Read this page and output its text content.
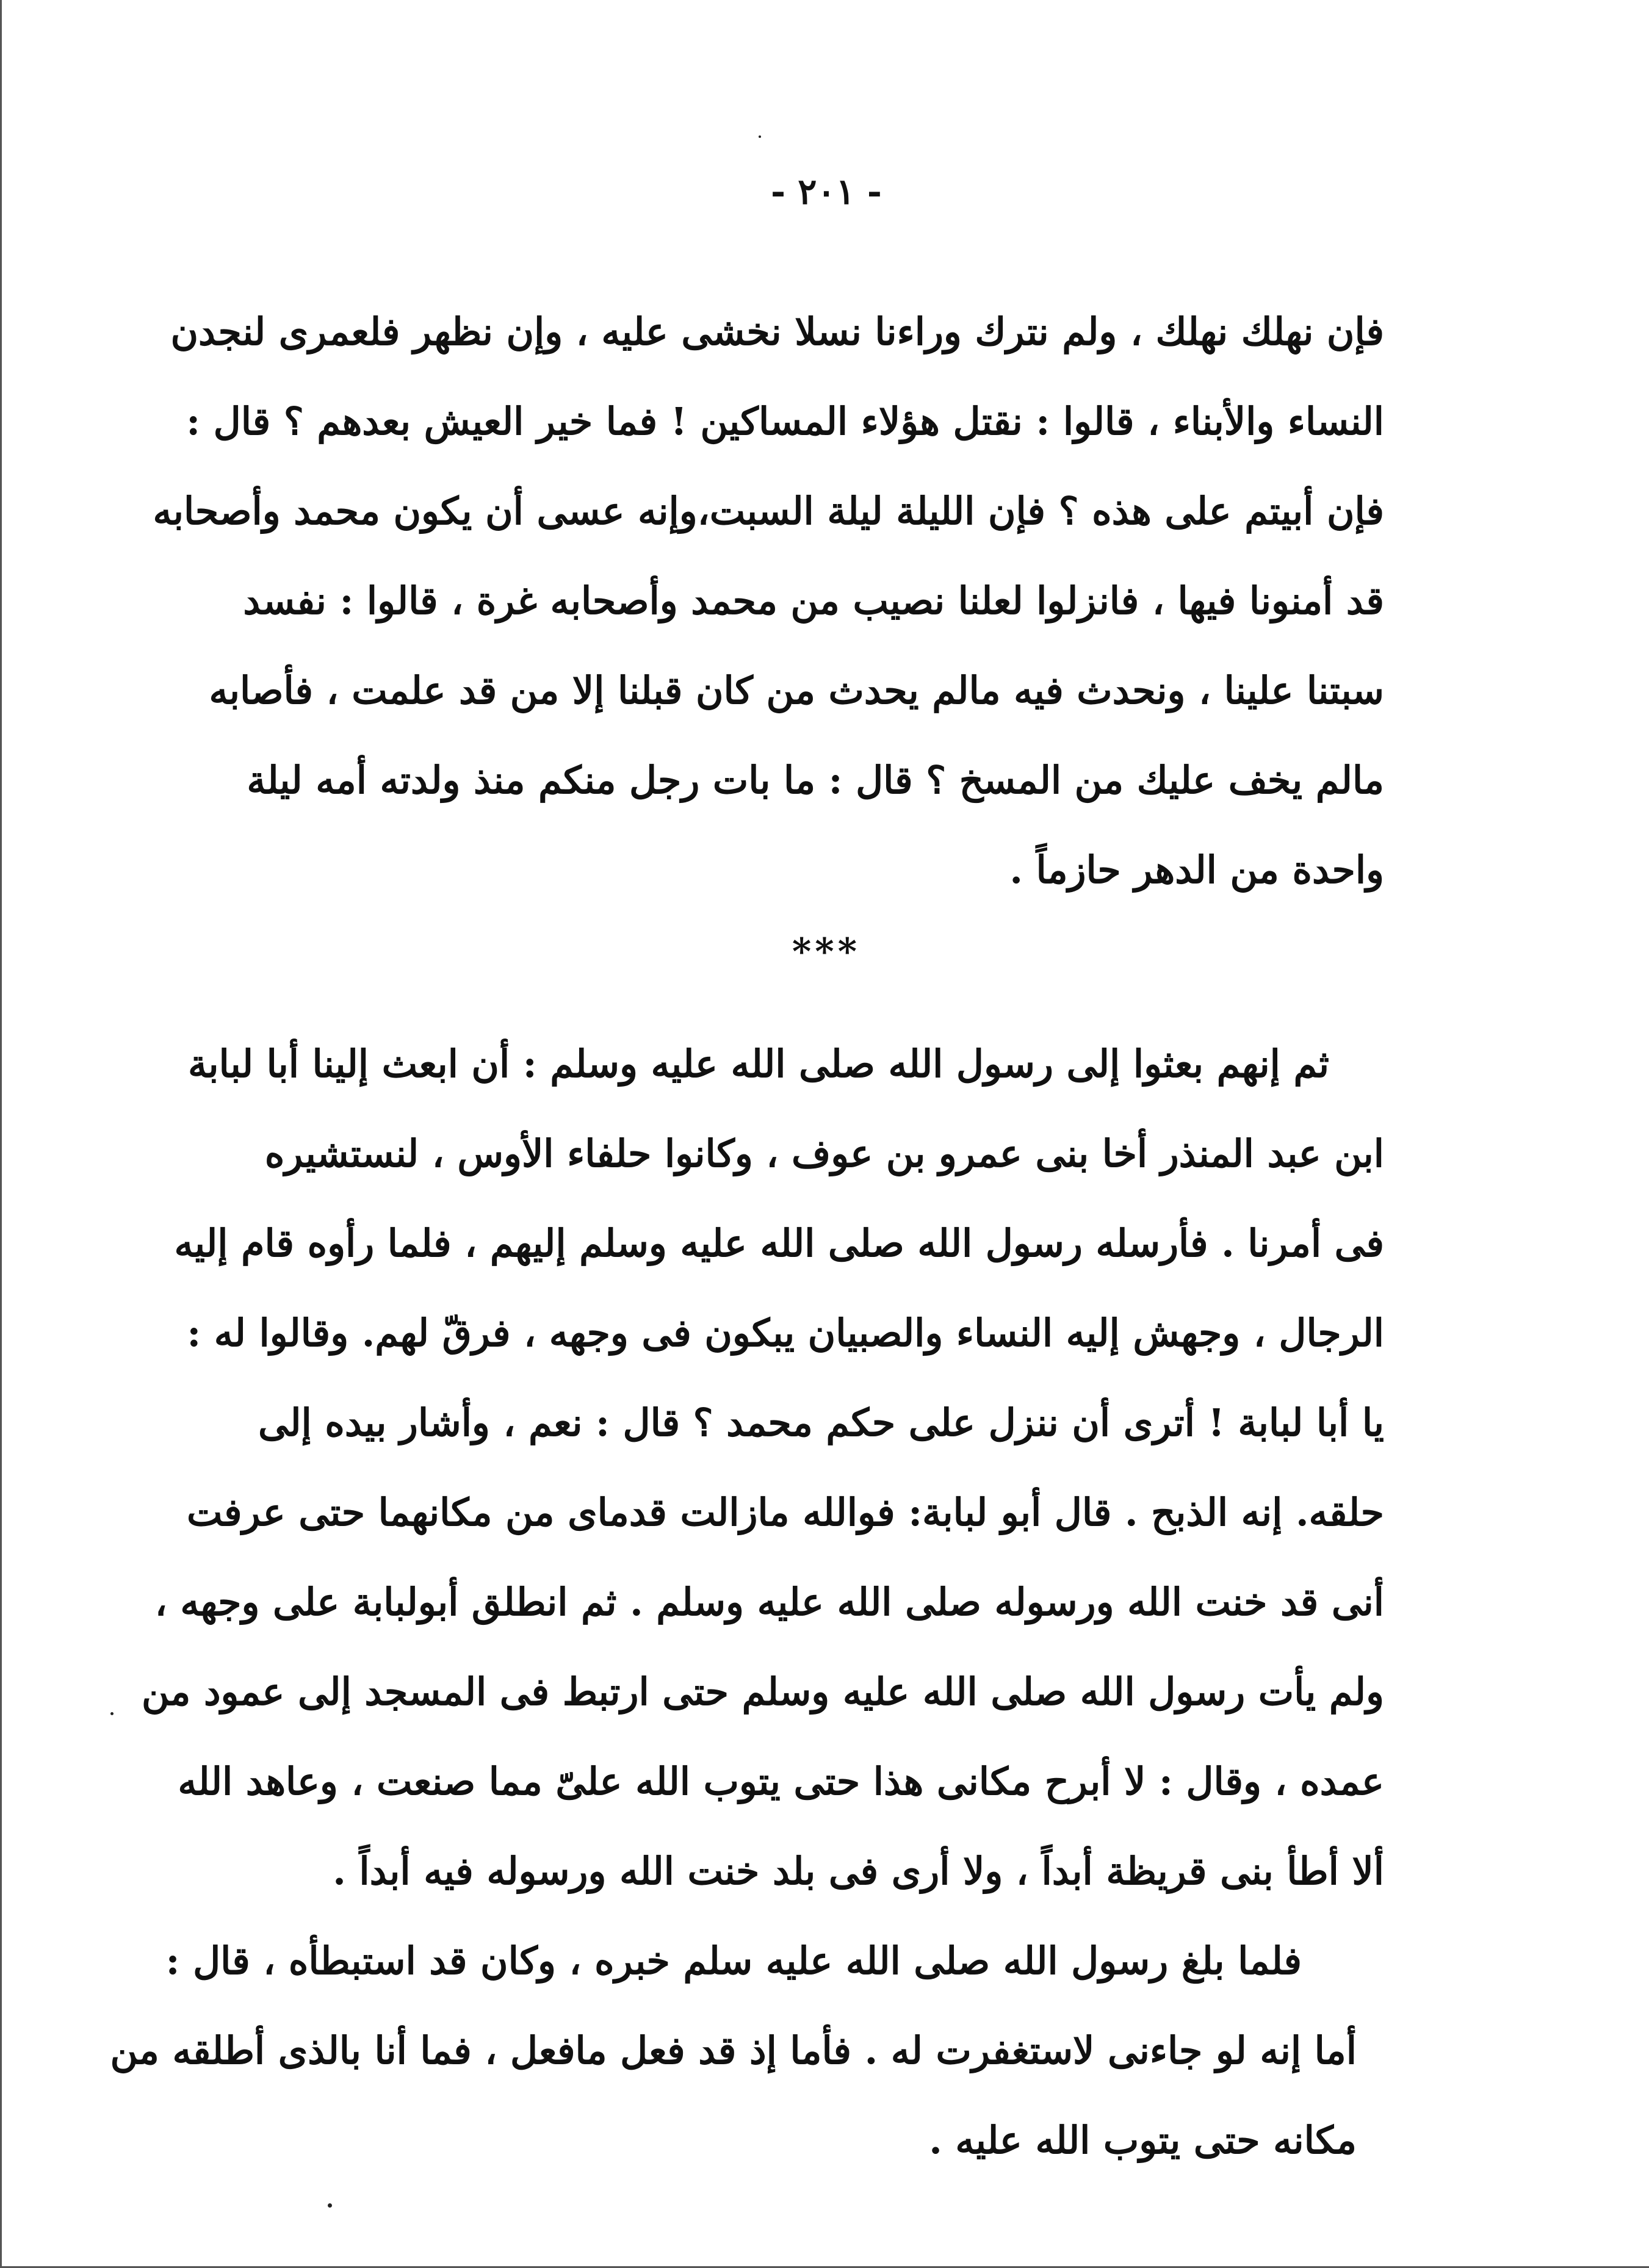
- ٢٠١ -
فإن نهلك نهلك ، ولم نترك وراءنا نسلا نخشى عليه ، وإن نظهر فلعمرى لنجدن
النساء والأبناء ، قالوا : نقتل هؤلاء المساكين ! فما خير العيش بعدهم ؟ قال :
فإن أبيتم على هذه ؟ فإن الليلة ليلة السبت،وإنه عسى أن يكون محمد وأصحابه
قد أمنونا فيها ، فانزلوا لعلنا نصيب من محمد وأصحابه غرة ، قالوا : نفسد
سبتنا علينا ، ونحدث فيه مالم يحدث من كان قبلنا إلا من قد علمت ، فأصابه
مالم يخف عليك من المسخ ؟ قال : ما بات رجل منكم منذ ولدته أمه ليلة
واحدة من الدهر حازماً .
***
ثم إنهم بعثوا إلى رسول الله صلى الله عليه وسلم : أن ابعث إلينا أبا لبابة
ابن عبد المنذر أخا بنى عمرو بن عوف ، وكانوا حلفاء الأوس ، لنستشيره
فى أمرنا . فأرسله رسول الله صلى الله عليه وسلم إليهم ، فلما رأوه قام إليه
الرجال ، وجهش إليه النساء والصبيان يبكون فى وجهه ، فرقّ لهم. وقالوا له :
يا أبا لبابة ! أترى أن ننزل على حكم محمد ؟ قال : نعم ، وأشار بيده إلى
حلقه. إنه الذبح . قال أبو لبابة: فوالله مازالت قدماى من مكانهما حتى عرفت
أنى قد خنت الله ورسوله صلى الله عليه وسلم . ثم انطلق أبولبابة على وجهه ،
ولم يأت رسول الله صلى الله عليه وسلم حتى ارتبط فى المسجد إلى عمود من
عمده ، وقال : لا أبرح مكانى هذا حتى يتوب الله علىّ مما صنعت ، وعاهد الله
ألا أطأ بنى قريظة أبداً ، ولا أرى فى بلد خنت الله ورسوله فيه أبداً .
فلما بلغ رسول الله صلى الله عليه سلم خبره ، وكان قد استبطأه ، قال :
أما إنه لو جاءنى لاستغفرت له . فأما إذ قد فعل مافعل ، فما أنا بالذى أطلقه من
مكانه حتى يتوب الله عليه .
